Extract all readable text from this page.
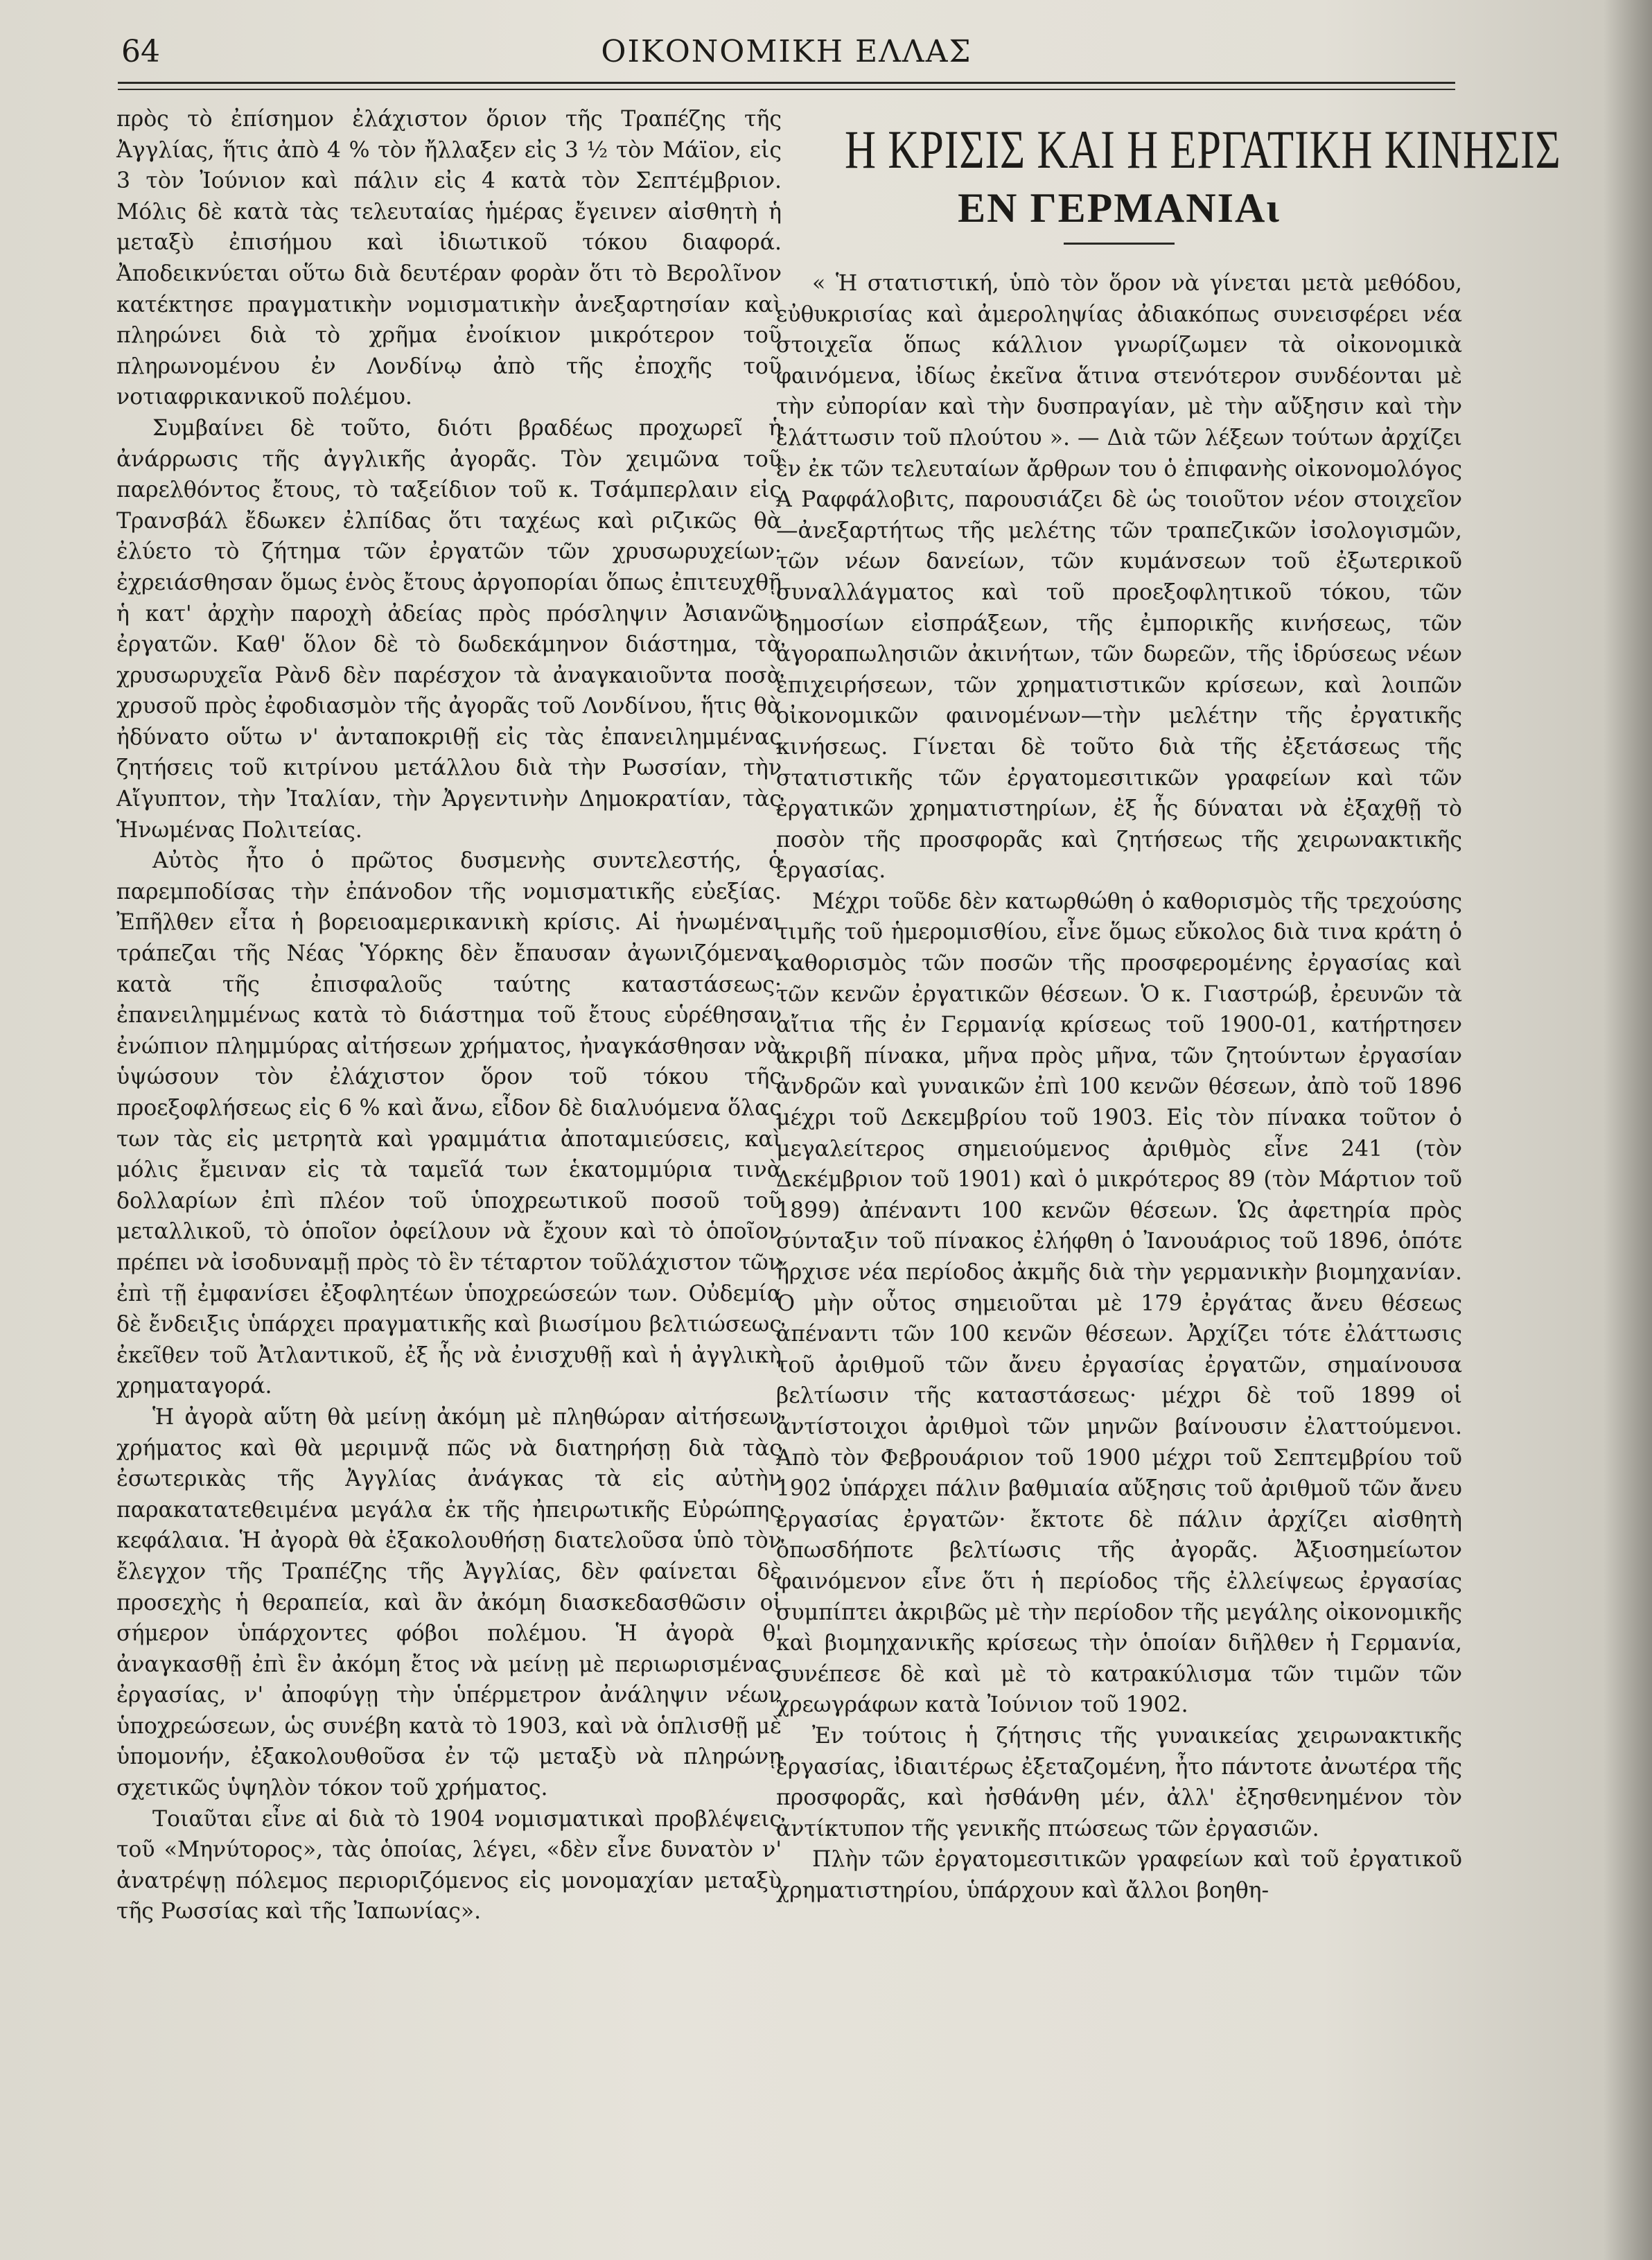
64	ΟΙΚΟΝΟΜΙΚΗ ΕΛΛΑΣ

πρὸς τὸ ἐπίσημον ἐλάχιστον ὅριον τῆς Τραπέζης τῆς Ἀγγλίας, ἥτις ἀπὸ 4 % τὸν ἤλλαξεν εἰς 3 ½ τὸν Μάϊον, εἰς 3 τὸν Ἰούνιον καὶ πάλιν εἰς 4 κατὰ τὸν Σεπτέμβριον. Μόλις δὲ κατὰ τὰς τελευταίας ἡμέρας ἔγεινεν αἰσθητὴ ἡ μεταξὺ ἐπισήμου καὶ ἰδιωτικοῦ τόκου διαφορά. Ἀποδεικνύεται οὕτω διὰ δευτέραν φορὰν ὅτι τὸ Βερολῖνον κατέκτησε πραγματικὴν νομισματικὴν ἀνεξαρτησίαν καὶ πληρώνει διὰ τὸ χρῆμα ἐνοίκιον μικρότερον τοῦ πληρωνομένου ἐν Λονδίνῳ ἀπὸ τῆς ἐποχῆς τοῦ νοτιαφρικανικοῦ πολέμου.

Συμβαίνει δὲ τοῦτο, διότι βραδέως προχωρεῖ ἡ ἀνάρρωσις τῆς ἀγγλικῆς ἀγορᾶς. Τὸν χειμῶνα τοῦ παρελθόντος ἔτους, τὸ ταξείδιον τοῦ κ. Τσάμπερλαιν εἰς Τρανσβάλ ἔδωκεν ἐλπίδας ὅτι ταχέως καὶ ριζικῶς θὰ ἐλύετο τὸ ζήτημα τῶν ἐργατῶν τῶν χρυσωρυχείων· ἐχρειάσθησαν ὅμως ἑνὸς ἔτους ἀργοπορίαι ὅπως ἐπιτευχθῇ ἡ κατ' ἀρχὴν παροχὴ ἀδείας πρὸς πρόσληψιν Ἀσιανῶν ἐργατῶν. Καθ' ὅλον δὲ τὸ δωδεκάμηνον διάστημα, τὰ χρυσωρυχεῖα Ρὰνδ δὲν παρέσχον τὰ ἀναγκαιοῦντα ποσὰ χρυσοῦ πρὸς ἐφοδιασμὸν τῆς ἀγορᾶς τοῦ Λονδίνου, ἥτις θὰ ἠδύνατο οὕτω ν' ἀνταποκριθῇ εἰς τὰς ἐπανειλημμένας ζητήσεις τοῦ κιτρίνου μετάλλου διὰ τὴν Ρωσσίαν, τὴν Αἴγυπτον, τὴν Ἰταλίαν, τὴν Ἀργεντινὴν Δημοκρατίαν, τὰς Ἡνωμένας Πολιτείας.

Αὐτὸς ἦτο ὁ πρῶτος δυσμενὴς συντελεστής, ὁ παρεμποδίσας τὴν ἐπάνοδον τῆς νομισματικῆς εὐεξίας. Ἐπῆλθεν εἶτα ἡ βορειοαμερικανικὴ κρίσις. Αἱ ἡνωμέναι τράπεζαι τῆς Νέας Ὑόρκης δὲν ἔπαυσαν ἀγωνιζόμεναι κατὰ τῆς ἐπισφαλοῦς ταύτης καταστάσεως· ἐπανειλημμένως κατὰ τὸ διάστημα τοῦ ἔτους εὑρέθησαν ἐνώπιον πλημμύρας αἰτήσεων χρήματος, ἠναγκάσθησαν νὰ ὑψώσουν τὸν ἐλάχιστον ὅρον τοῦ τόκου τῆς προεξοφλήσεως εἰς 6 % καὶ ἄνω, εἶδον δὲ διαλυόμενα ὅλας των τὰς εἰς μετρητὰ καὶ γραμμάτια ἀποταμιεύσεις, καὶ μόλις ἔμειναν εἰς τὰ ταμεῖά των ἑκατομμύρια τινὰ δολλαρίων ἐπὶ πλέον τοῦ ὑποχρεωτικοῦ ποσοῦ τοῦ μεταλλικοῦ, τὸ ὁποῖον ὀφείλουν νὰ ἔχουν καὶ τὸ ὁποῖον πρέπει νὰ ἰσοδυναμῇ πρὸς τὸ ἓν τέταρτον τοῦλάχιστον τῶν ἐπὶ τῇ ἐμφανίσει ἐξοφλητέων ὑποχρεώσεών των. Οὐδεμία δὲ ἔνδειξις ὑπάρχει πραγματικῆς καὶ βιωσίμου βελτιώσεως ἐκεῖθεν τοῦ Ἀτλαντικοῦ, ἐξ ἧς νὰ ἐνισχυθῇ καὶ ἡ ἀγγλικὴ χρηματαγορά.

Ἡ ἀγορὰ αὕτη θὰ μείνῃ ἀκόμη μὲ πληθώραν αἰτήσεων χρήματος καὶ θὰ μεριμνᾷ πῶς νὰ διατηρήσῃ διὰ τὰς ἐσωτερικὰς τῆς Ἀγγλίας ἀνάγκας τὰ εἰς αὐτὴν παρακατατεθειμένα μεγάλα ἐκ τῆς ἠπειρωτικῆς Εὐρώπης κεφάλαια. Ἡ ἀγορὰ θὰ ἐξακολουθήσῃ διατελοῦσα ὑπὸ τὸν ἔλεγχον τῆς Τραπέζης τῆς Ἀγγλίας, δὲν φαίνεται δὲ προσεχὴς ἡ θεραπεία, καὶ ἂν ἀκόμη διασκεδασθῶσιν οἱ σήμερον ὑπάρχοντες φόβοι πολέμου. Ἡ ἀγορὰ θ' ἀναγκασθῇ ἐπὶ ἓν ἀκόμη ἔτος νὰ μείνῃ μὲ περιωρισμένας ἐργασίας, ν' ἀποφύγῃ τὴν ὑπέρμετρον ἀνάληψιν νέων ὑποχρεώσεων, ὡς συνέβη κατὰ τὸ 1903, καὶ νὰ ὁπλισθῇ μὲ ὑπομονήν, ἐξακολουθοῦσα ἐν τῷ μεταξὺ νὰ πληρώνῃ σχετικῶς ὑψηλὸν τόκον τοῦ χρήματος.

Τοιαῦται εἶνε αἱ διὰ τὸ 1904 νομισματικαὶ προβλέψεις τοῦ «Μηνύτορος», τὰς ὁποίας, λέγει, «δὲν εἶνε δυνατὸν ν' ἀνατρέψῃ πόλεμος περιοριζόμενος εἰς μονομαχίαν μεταξὺ τῆς Ρωσσίας καὶ τῆς Ἰαπωνίας».

Η ΚΡΙΣΙΣ ΚΑΙ Η ΕΡΓΑΤΙΚΗ ΚΙΝΗΣΙΣ
ΕΝ ΓΕΡΜΑΝΙΑι

« Ἡ στατιστική, ὑπὸ τὸν ὅρον νὰ γίνεται μετὰ μεθόδου, εὐθυκρισίας καὶ ἀμεροληψίας ἀδιακόπως συνεισφέρει νέα στοιχεῖα ὅπως κάλλιον γνωρίζωμεν τὰ οἰκονομικὰ φαινόμενα, ἰδίως ἐκεῖνα ἅτινα στενότερον συνδέονται μὲ τὴν εὐπορίαν καὶ τὴν δυσπραγίαν, μὲ τὴν αὔξησιν καὶ τὴν ἐλάττωσιν τοῦ πλούτου ». — Διὰ τῶν λέξεων τούτων ἀρχίζει ἓν ἐκ τῶν τελευταίων ἄρθρων του ὁ ἐπιφανὴς οἰκονομολόγος Α Ραφφάλοβιτς, παρουσιάζει δὲ ὡς τοιοῦτον νέον στοιχεῖον—ἀνεξαρτήτως τῆς μελέτης τῶν τραπεζικῶν ἰσολογισμῶν, τῶν νέων δανείων, τῶν κυμάνσεων τοῦ ἐξωτερικοῦ συναλλάγματος καὶ τοῦ προεξοφλητικοῦ τόκου, τῶν δημοσίων εἰσπράξεων, τῆς ἐμπορικῆς κινήσεως, τῶν ἀγοραπωλησιῶν ἀκινήτων, τῶν δωρεῶν, τῆς ἱδρύσεως νέων ἐπιχειρήσεων, τῶν χρηματιστικῶν κρίσεων, καὶ λοιπῶν οἰκονομικῶν φαινομένων—τὴν μελέτην τῆς ἐργατικῆς κινήσεως. Γίνεται δὲ τοῦτο διὰ τῆς ἐξετάσεως τῆς στατιστικῆς τῶν ἐργατομεσιτικῶν γραφείων καὶ τῶν ἐργατικῶν χρηματιστηρίων, ἐξ ἧς δύναται νὰ ἐξαχθῇ τὸ ποσὸν τῆς προσφορᾶς καὶ ζητήσεως τῆς χειρωνακτικῆς ἐργασίας.

Μέχρι τοῦδε δὲν κατωρθώθη ὁ καθορισμὸς τῆς τρεχούσης τιμῆς τοῦ ἡμερομισθίου, εἶνε ὅμως εὔκολος διὰ τινα κράτη ὁ καθορισμὸς τῶν ποσῶν τῆς προσφερομένης ἐργασίας καὶ τῶν κενῶν ἐργατικῶν θέσεων. Ὁ κ. Γιαστρώβ, ἐρευνῶν τὰ αἴτια τῆς ἐν Γερμανίᾳ κρίσεως τοῦ 1900-01, κατήρτησεν ἀκριβῆ πίνακα, μῆνα πρὸς μῆνα, τῶν ζητούντων ἐργασίαν ἀνδρῶν καὶ γυναικῶν ἐπὶ 100 κενῶν θέσεων, ἀπὸ τοῦ 1896 μέχρι τοῦ Δεκεμβρίου τοῦ 1903. Εἰς τὸν πίνακα τοῦτον ὁ μεγαλείτερος σημειούμενος ἀριθμὸς εἶνε 241 (τὸν Δεκέμβριον τοῦ 1901) καὶ ὁ μικρότερος 89 (τὸν Μάρτιον τοῦ 1899) ἀπέναντι 100 κενῶν θέσεων. Ὡς ἀφετηρία πρὸς σύνταξιν τοῦ πίνακος ἐλήφθη ὁ Ἰανουάριος τοῦ 1896, ὁπότε ἤρχισε νέα περίοδος ἀκμῆς διὰ τὴν γερμανικὴν βιομηχανίαν. Ὁ μὴν οὗτος σημειοῦται μὲ 179 ἐργάτας ἄνευ θέσεως ἀπέναντι τῶν 100 κενῶν θέσεων. Ἀρχίζει τότε ἐλάττωσις τοῦ ἀριθμοῦ τῶν ἄνευ ἐργασίας ἐργατῶν, σημαίνουσα βελτίωσιν τῆς καταστάσεως· μέχρι δὲ τοῦ 1899 οἱ ἀντίστοιχοι ἀριθμοὶ τῶν μηνῶν βαίνουσιν ἐλαττούμενοι. Ἀπὸ τὸν Φεβρουάριον τοῦ 1900 μέχρι τοῦ Σεπτεμβρίου τοῦ 1902 ὑπάρχει πάλιν βαθμιαία αὔξησις τοῦ ἀριθμοῦ τῶν ἄνευ ἐργασίας ἐργατῶν· ἔκτοτε δὲ πάλιν ἀρχίζει αἰσθητὴ ὁπωσδήποτε βελτίωσις τῆς ἀγορᾶς. Ἀξιοσημείωτον φαινόμενον εἶνε ὅτι ἡ περίοδος τῆς ἐλλείψεως ἐργασίας συμπίπτει ἀκριβῶς μὲ τὴν περίοδον τῆς μεγάλης οἰκονομικῆς καὶ βιομηχανικῆς κρίσεως τὴν ὁποίαν διῆλθεν ἡ Γερμανία, συνέπεσε δὲ καὶ μὲ τὸ κατρακύλισμα τῶν τιμῶν τῶν χρεωγράφων κατὰ Ἰούνιον τοῦ 1902.

Ἐν τούτοις ἡ ζήτησις τῆς γυναικείας χειρωνακτικῆς ἐργασίας, ἰδιαιτέρως ἐξεταζομένη, ἦτο πάντοτε ἀνωτέρα τῆς προσφορᾶς, καὶ ἠσθάνθη μέν, ἀλλ' ἐξησθενημένον τὸν ἀντίκτυπον τῆς γενικῆς πτώσεως τῶν ἐργασιῶν.

Πλὴν τῶν ἐργατομεσιτικῶν γραφείων καὶ τοῦ ἐργατικοῦ χρηματιστηρίου, ὑπάρχουν καὶ ἄλλοι βοηθη-
